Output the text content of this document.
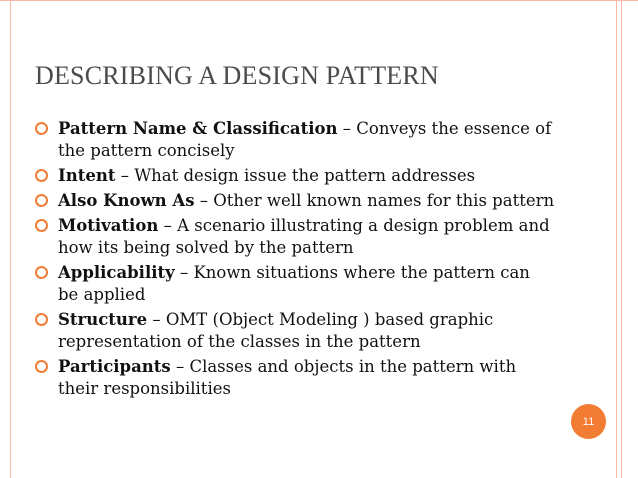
DESCRIBING A DESIGN PATTERN
Pattern Name & Classification – Conveys the essence of the pattern concisely
Intent – What design issue the pattern addresses
Also Known As – Other well known names for this pattern
Motivation – A scenario illustrating a design problem and how its being solved by the pattern
Applicability – Known situations where the pattern can be applied
Structure – OMT (Object Modeling ) based graphic representation of the classes in the pattern
Participants – Classes and objects in the pattern with their responsibilities
11
